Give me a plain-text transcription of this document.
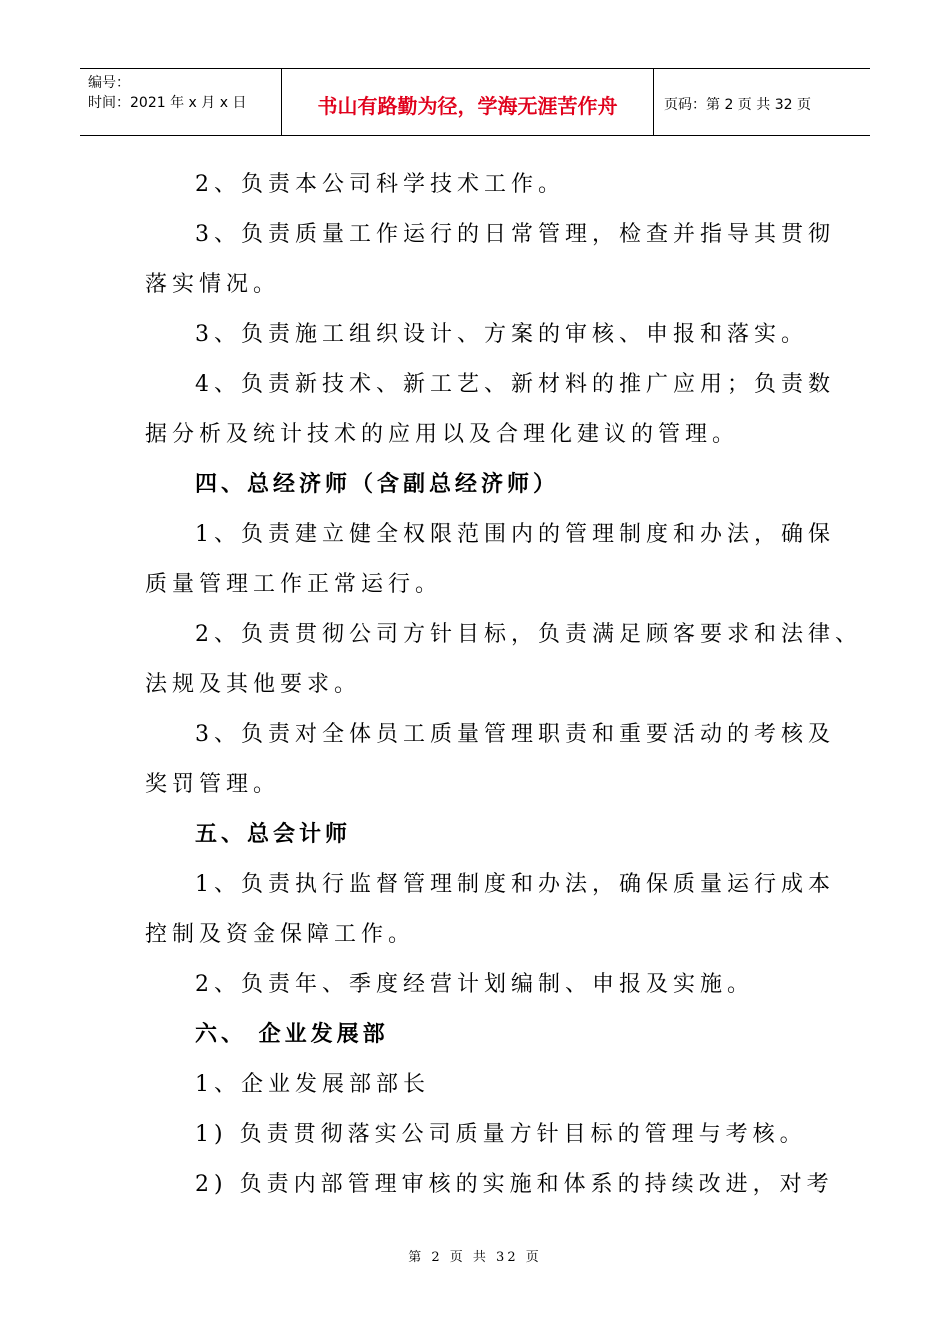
编号：
时间：2021 年 x 月 x 日	书山有路勤为径，学海无涯苦作舟	页码：第 2 页 共 32 页

2、负责本公司科学技术工作。

3、负责质量工作运行的日常管理，检查并指导其贯彻

落实情况。

3、负责施工组织设计、方案的审核、申报和落实。

4、负责新技术、新工艺、新材料的推广应用；负责数

据分析及统计技术的应用以及合理化建议的管理。

四、总经济师（含副总经济师）

1、负责建立健全权限范围内的管理制度和办法，确保

质量管理工作正常运行。

2、负责贯彻公司方针目标，负责满足顾客要求和法律、

法规及其他要求。

3、负责对全体员工质量管理职责和重要活动的考核及

奖罚管理。

五、总会计师

1、负责执行监督管理制度和办法，确保质量运行成本

控制及资金保障工作。

2、负责年、季度经营计划编制、申报及实施。

六、 企业发展部

1、企业发展部部长

1) 负责贯彻落实公司质量方针目标的管理与考核。

2) 负责内部管理审核的实施和体系的持续改进，对考

第 2 页 共 32 页
